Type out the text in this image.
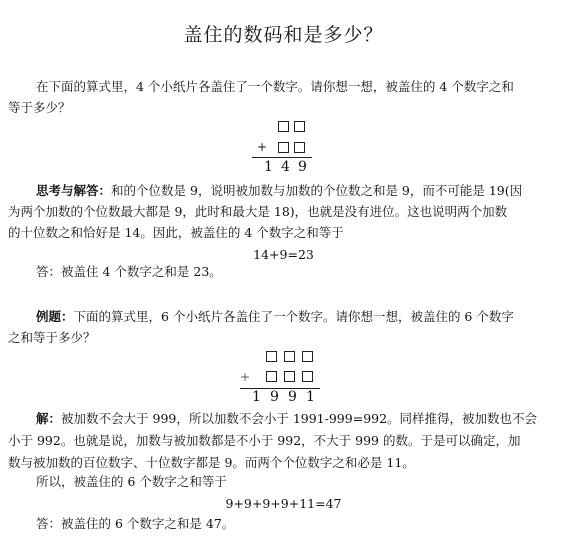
盖住的数码和是多少？
在下面的算式里，4 个小纸片各盖住了一个数字。请你想一想，被盖住的 4 个数字之和
等于多少？
+
1 4 9
思考与解答：和的个位数是 9，说明被加数与加数的个位数之和是 9，而不可能是 19(因
为两个加数的个位数最大都是 9，此时和最大是 18)，也就是没有进位。这也说明两个加数
的十位数之和恰好是 14。因此，被盖住的 4 个数字之和等于
14+9=23
答：被盖住 4 个数字之和是 23。
例题：下面的算式里，6 个小纸片各盖住了一个数字。请你想一想，被盖住的 6 个数字
之和等于多少？
+
1 9 9 1
解：被加数不会大于 999，所以加数不会小于 1991-999=992。同样推得，被加数也不会
小于 992。也就是说，加数与被加数都是不小于 992，不大于 999 的数。于是可以确定，加
数与被加数的百位数字、十位数字都是 9。而两个个位数字之和必是 11。
所以，被盖住的 6 个数字之和等于
9+9+9+9+11=47
答：被盖住的 6 个数字之和是 47。
